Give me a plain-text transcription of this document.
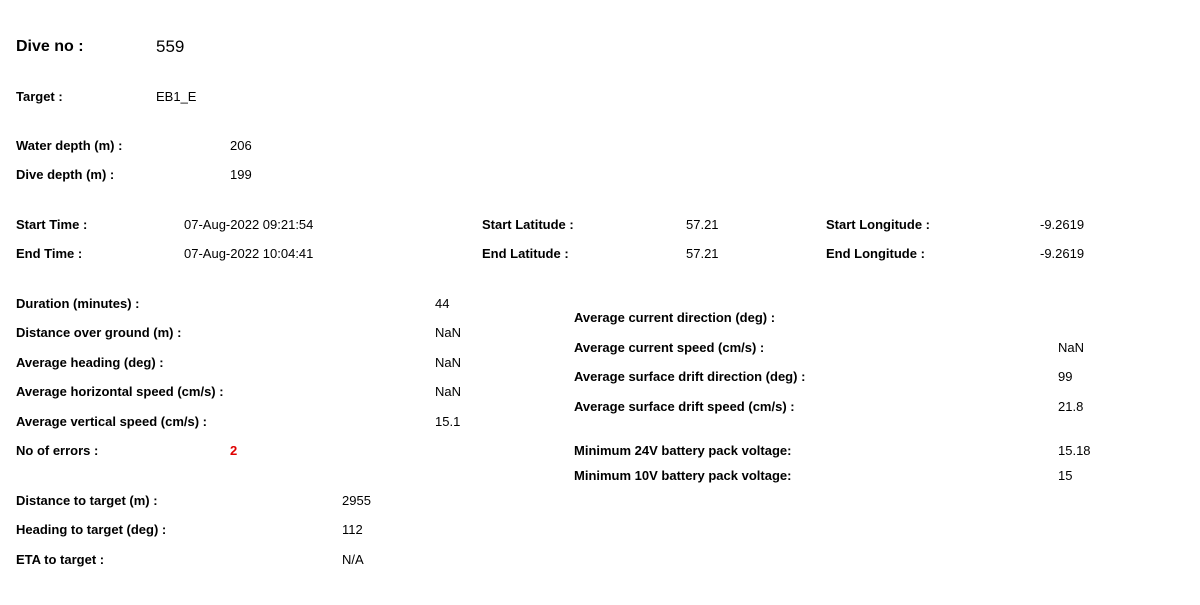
Dive no :	559
Target :	EB1_E
Water depth (m) :	206
Dive depth (m) :	199
Start Time :	07-Aug-2022 09:21:54
End Time :	07-Aug-2022 10:04:41
Start Latitude :	57.21
End Latitude :	57.21
Start Longitude :	-9.2619
End Longitude :	-9.2619
Duration (minutes) :	44
Distance over ground (m) :	NaN
Average heading (deg) :	NaN
Average horizontal speed (cm/s) :	NaN
Average vertical speed (cm/s) :	15.1
No of errors :	2
Average current direction (deg) :
Average current speed (cm/s) :	NaN
Average surface drift direction (deg) :	99
Average surface drift speed (cm/s) :	21.8
Minimum 24V battery pack voltage:	15.18
Minimum 10V battery pack voltage:	15
Distance to target (m) :	2955
Heading to target (deg) :	112
ETA to target :	N/A
